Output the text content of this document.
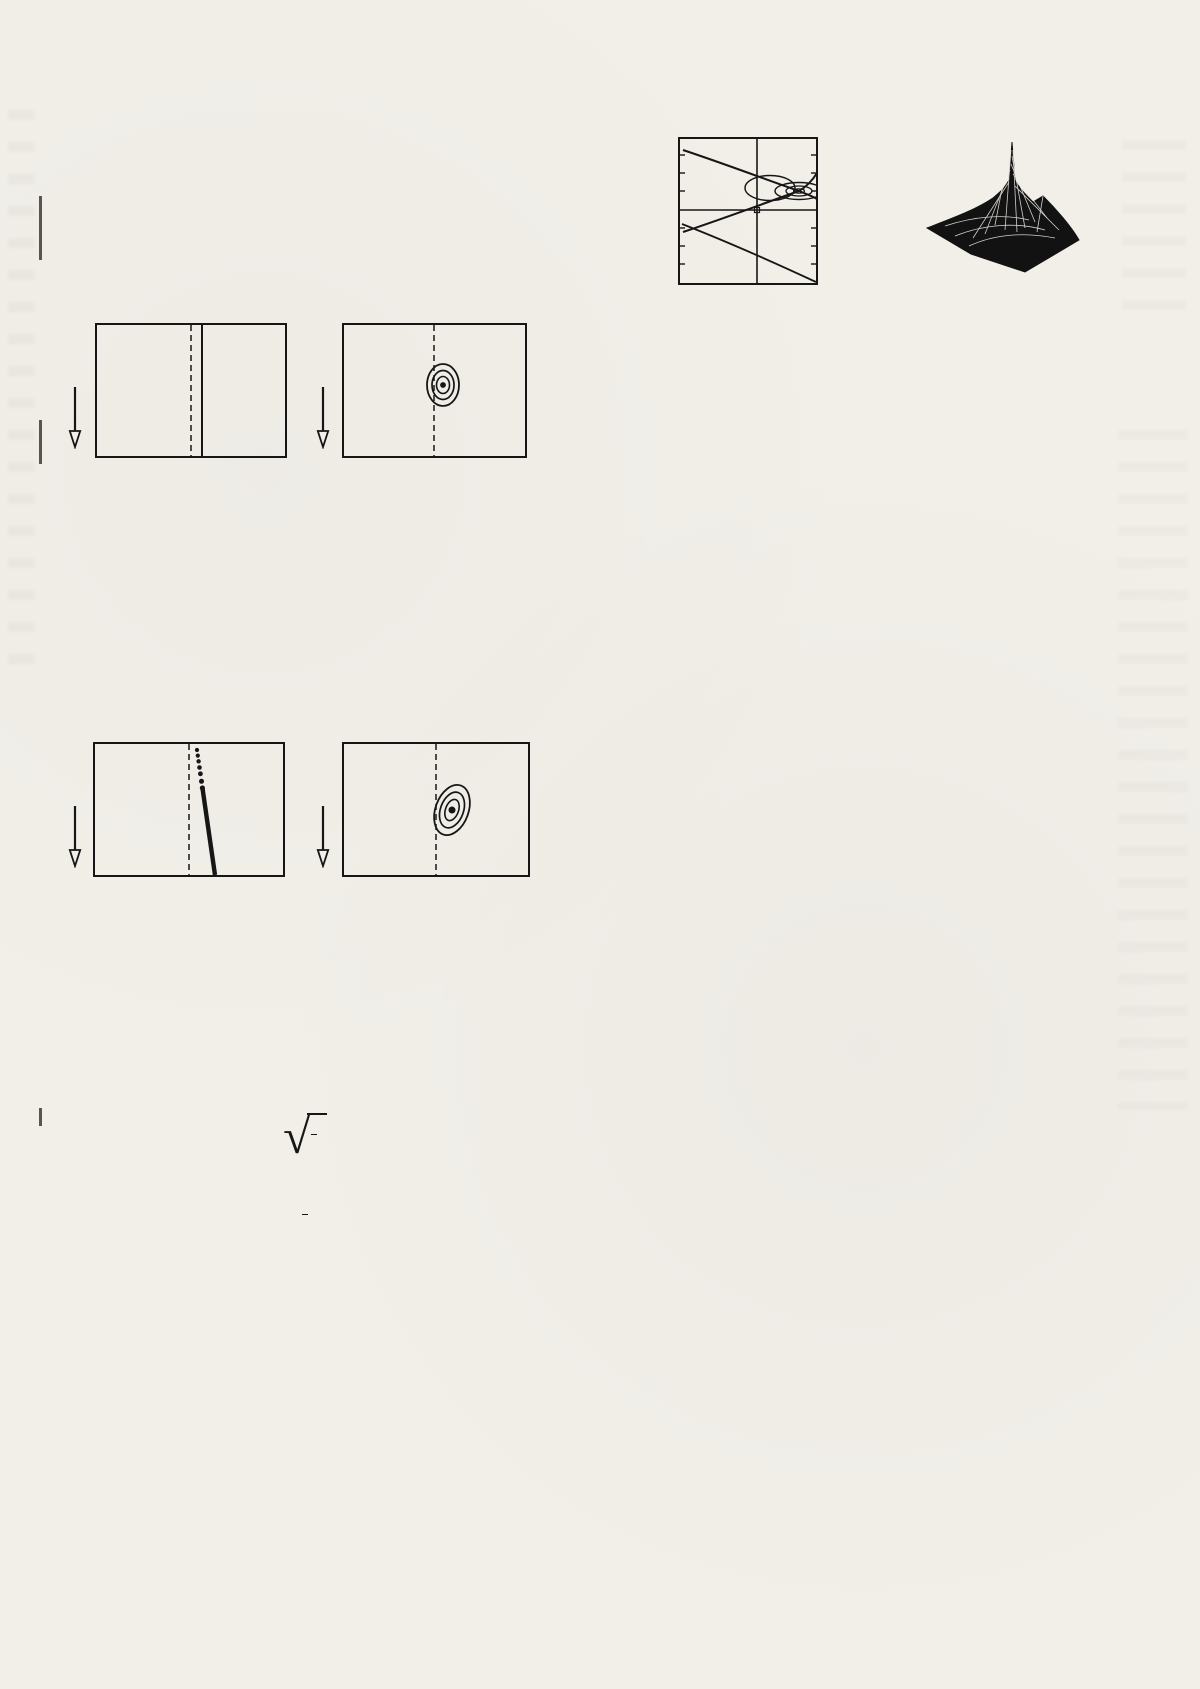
√
